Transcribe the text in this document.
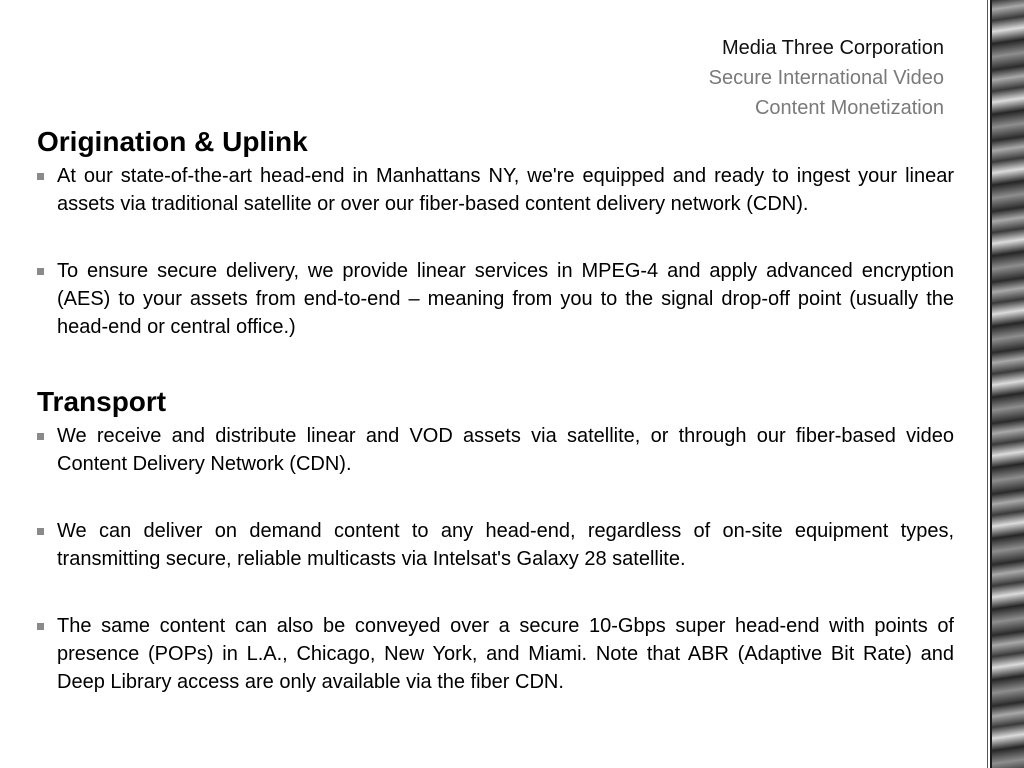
Media Three Corporation
Secure International Video
Content Monetization
Origination & Uplink
At our state-of-the-art head-end in Manhattans NY, we're equipped and ready to ingest your linear assets via traditional satellite or over our fiber-based content delivery network (CDN).
To ensure secure delivery, we provide linear services in MPEG-4 and apply advanced encryption (AES) to your assets from end-to-end – meaning from you to the signal drop-off point (usually the head-end or central office.)
Transport
We receive and distribute linear and VOD assets via satellite, or through our fiber-based video Content Delivery Network (CDN).
We can deliver on demand content to any head-end, regardless of on-site equipment types, transmitting secure, reliable multicasts via Intelsat's Galaxy 28 satellite.
The same content can also be conveyed over a secure 10-Gbps super head-end with points of presence (POPs) in L.A., Chicago, New York, and Miami. Note that ABR (Adaptive Bit Rate) and Deep Library access are only available via the fiber CDN.
